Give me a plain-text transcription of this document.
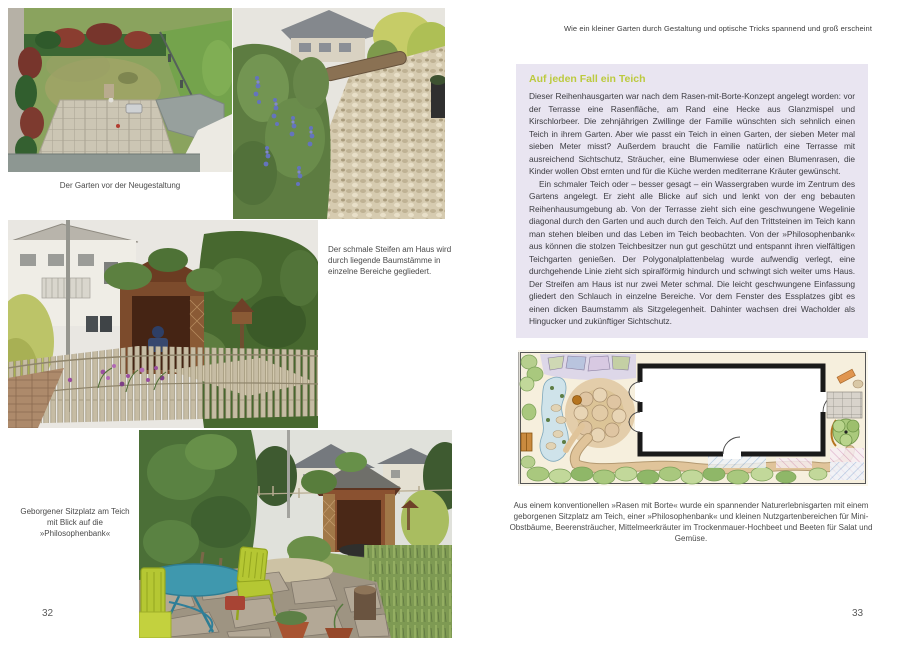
Wie ein kleiner Garten durch Gestaltung und optische Tricks spannend und groß erscheint
Der Garten vor der Neugestaltung
Der schmale Steifen am Haus wird durch liegende Baumstämme in einzelne Bereiche gegliedert.
Geborgener Sitzplatz am Teich mit Blick auf die »Philosophenbank«
32
Auf jeden Fall ein Teich

Dieser Reihenhausgarten war nach dem Rasen-mit-Borte-Konzept angelegt worden: vor der Terrasse eine Rasenfläche, am Rand eine Hecke aus Glanzmispel und Kirschlorbeer. Die zehnjährigen Zwillinge der Familie wünschten sich sehnlich einen Teich in ihrem Garten. Aber wie passt ein Teich in einen Garten, der sieben Meter mal sieben Meter misst? Außerdem braucht die Familie natürlich eine Terrasse mit ausreichend Sichtschutz, Sträucher, eine Blumenwiese oder einen Blumenrasen, die Kinder wollen Obst ernten und für die Küche werden mediterrane Kräuter gewünscht.

Ein schmaler Teich oder – besser gesagt – ein Wassergraben wurde im Zentrum des Gartens angelegt. Er zieht alle Blicke auf sich und lenkt von der eng bebauten Reihenhausumgebung ab. Von der Terrasse zieht sich eine geschwungene Wegelinie diagonal durch den Garten und auch durch den Teich. Auf den Trittsteinen im Teich kann man stehen bleiben und das Leben im Teich beobachten. Von der »Philosophenbank« aus können die stolzen Teichbesitzer nun gut geschützt und entspannt ihren vielfältigen Teichgarten genießen. Der Polygonalplattenbelag wurde aufwendig verlegt, eine durchgehende Linie zieht sich spiralförmig hindurch und schwingt sich weiter ums Haus. Der Streifen am Haus ist nur zwei Meter schmal. Die leicht geschwungene Einfassung gliedert den Schlauch in einzelne Bereiche. Vor dem Fenster des Essplatzes gibt es einen dicken Baumstamm als Sitzgelegenheit. Dahinter wachsen drei Wacholder als Hingucker und zukünftiger Sichtschutz.

Aus einem konventionellen »Rasen mit Borte« wurde ein spannender Naturerlebnisgarten mit einem geborgenen Sitzplatz am Teich, einer »Philosophenbank« und kleinen Nutzgartenbereichen für Mini-Obstbäume, Beerensträucher, Mittelmeerkräuter im Trockenmauer-Hochbeet und Beeten für Salat und Gemüse.
33
